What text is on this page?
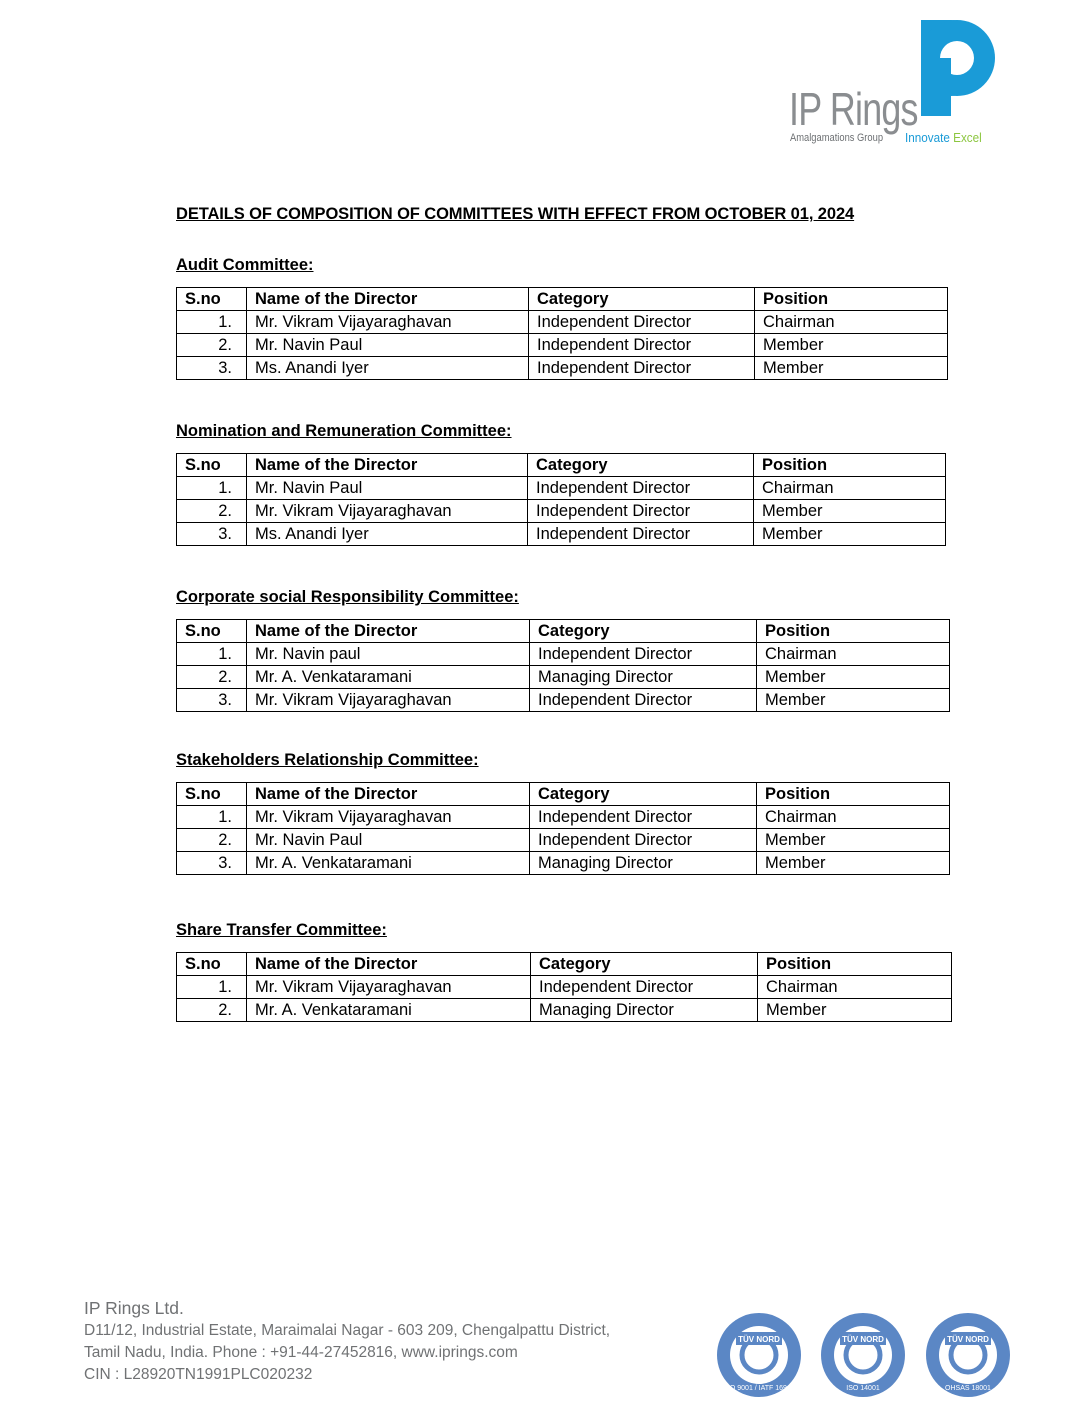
IP Rings
Amalgamations Group Innovate Excel
DETAILS OF COMPOSITION OF COMMITTEES WITH EFFECT FROM OCTOBER 01, 2024
Audit Committee:
S.no	Name of the Director	Category	Position
1.	Mr. Vikram Vijayaraghavan	Independent Director	Chairman
2.	Mr. Navin Paul	Independent Director	Member
3.	Ms. Anandi Iyer	Independent Director	Member
Nomination and Remuneration Committee:
S.no	Name of the Director	Category	Position
1.	Mr. Navin Paul	Independent Director	Chairman
2.	Mr. Vikram Vijayaraghavan	Independent Director	Member
3.	Ms. Anandi Iyer	Independent Director	Member
Corporate social Responsibility Committee:
S.no	Name of the Director	Category	Position
1.	Mr. Navin paul	Independent Director	Chairman
2.	Mr. A. Venkataramani	Managing Director	Member
3.	Mr. Vikram Vijayaraghavan	Independent Director	Member
Stakeholders Relationship Committee:
S.no	Name of the Director	Category	Position
1.	Mr. Vikram Vijayaraghavan	Independent Director	Chairman
2.	Mr. Navin Paul	Independent Director	Member
3.	Mr. A. Venkataramani	Managing Director	Member
Share Transfer Committee:
S.no	Name of the Director	Category	Position
1.	Mr. Vikram Vijayaraghavan	Independent Director	Chairman
2.	Mr. A. Venkataramani	Managing Director	Member
IP Rings Ltd.
D11/12, Industrial Estate, Maraimalai Nagar - 603 209, Chengalpattu District,
Tamil Nadu, India. Phone : +91-44-27452816, www.iprings.com
CIN : L28920TN1991PLC020232
TÜV NORD
ISO 9001 / IATF 16949

TÜV NORD
ISO 14001

TÜV NORD
OHSAS 18001
